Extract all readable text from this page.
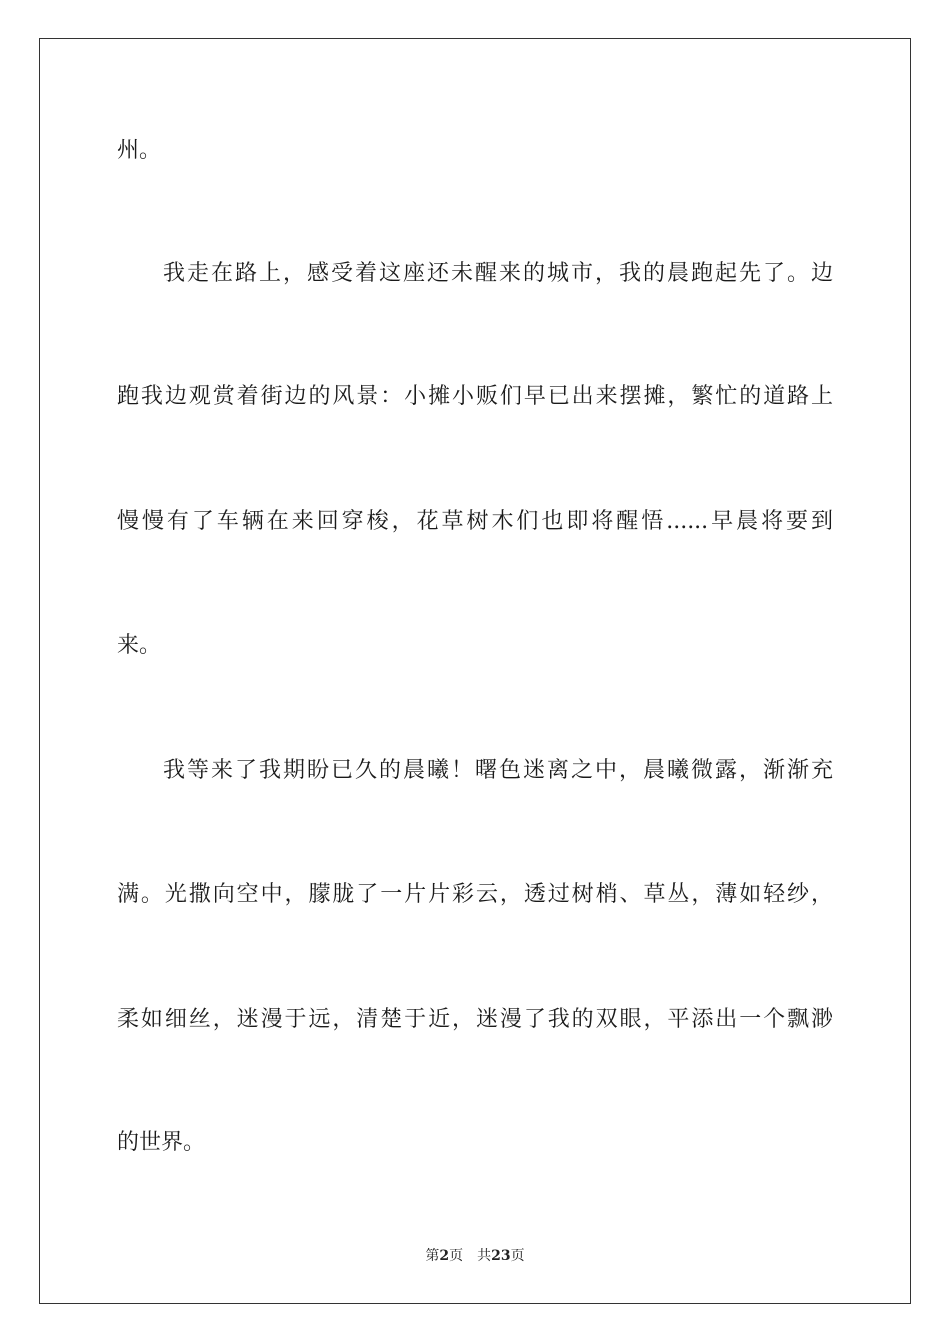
州。
我走在路上，感受着这座还未醒来的城市，我的晨跑起先了。边
跑我边观赏着街边的风景：小摊小贩们早已出来摆摊，繁忙的道路上
慢慢有了车辆在来回穿梭，花草树木们也即将醒悟......早晨将要到
来。
我等来了我期盼已久的晨曦！曙色迷离之中，晨曦微露，渐渐充
满。光撒向空中，朦胧了一片片彩云，透过树梢、草丛，薄如轻纱，
柔如细丝，迷漫于远，清楚于近，迷漫了我的双眼，平添出一个飘渺
的世界。
第2页 共23页
